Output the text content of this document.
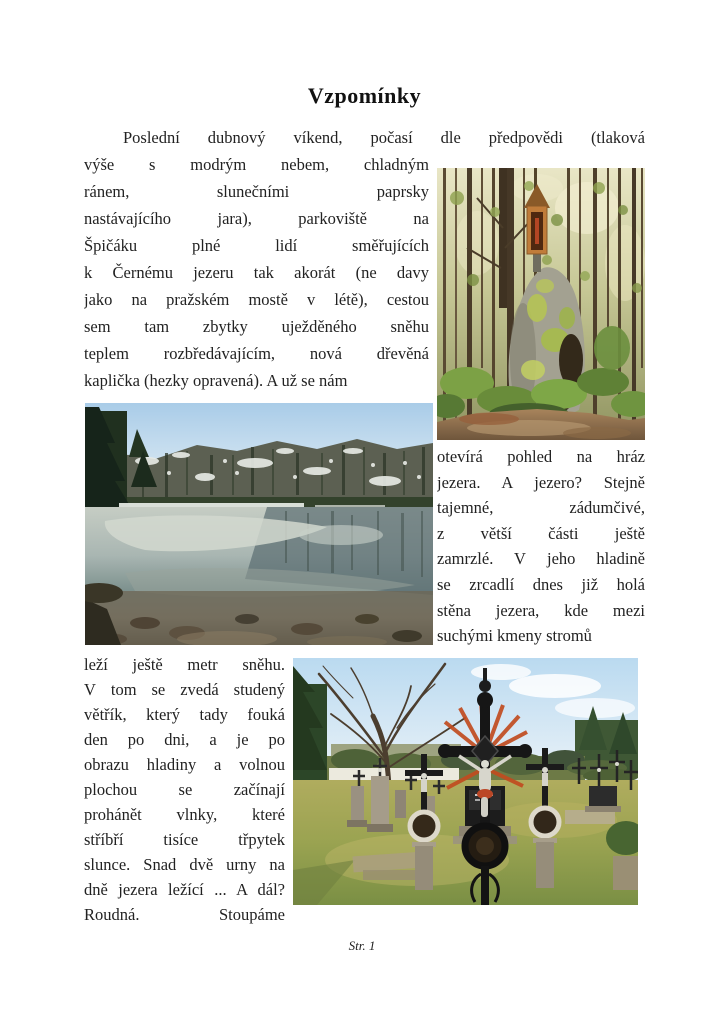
Vzpomínky
Poslední dubnový víkend, počasí dle předpovědi (tlaková
výše s modrým nebem, chladným
ránem, slunečními paprsky
nastávajícího jara), parkoviště na
Špičáku plné lidí směřujících
k Černému jezeru tak akorát (ne davy
jako na pražském mostě v létě), cestou
sem tam zbytky uježděného sněhu
teplem rozbředávajícím, nová dřevěná
kaplička (hezky opravená). A už se nám
otevírá pohled na hráz
jezera. A jezero? Stejně
tajemné, zádumčivé,
z větší části ještě
zamrzlé. V jeho hladině
se zrcadlí dnes již holá
stěna jezera, kde mezi
suchými kmeny stromů
leží ještě metr sněhu.
V tom se zvedá studený
větřík, který tady fouká
den po dni, a je po
obrazu hladiny a volnou
plochou se začínají
prohánět vlnky, které
stříbří tisíce třpytek
slunce. Snad dvě urny na
dně jezera ležící ... A dál?
Roudná. Stoupáme
Str. 1
